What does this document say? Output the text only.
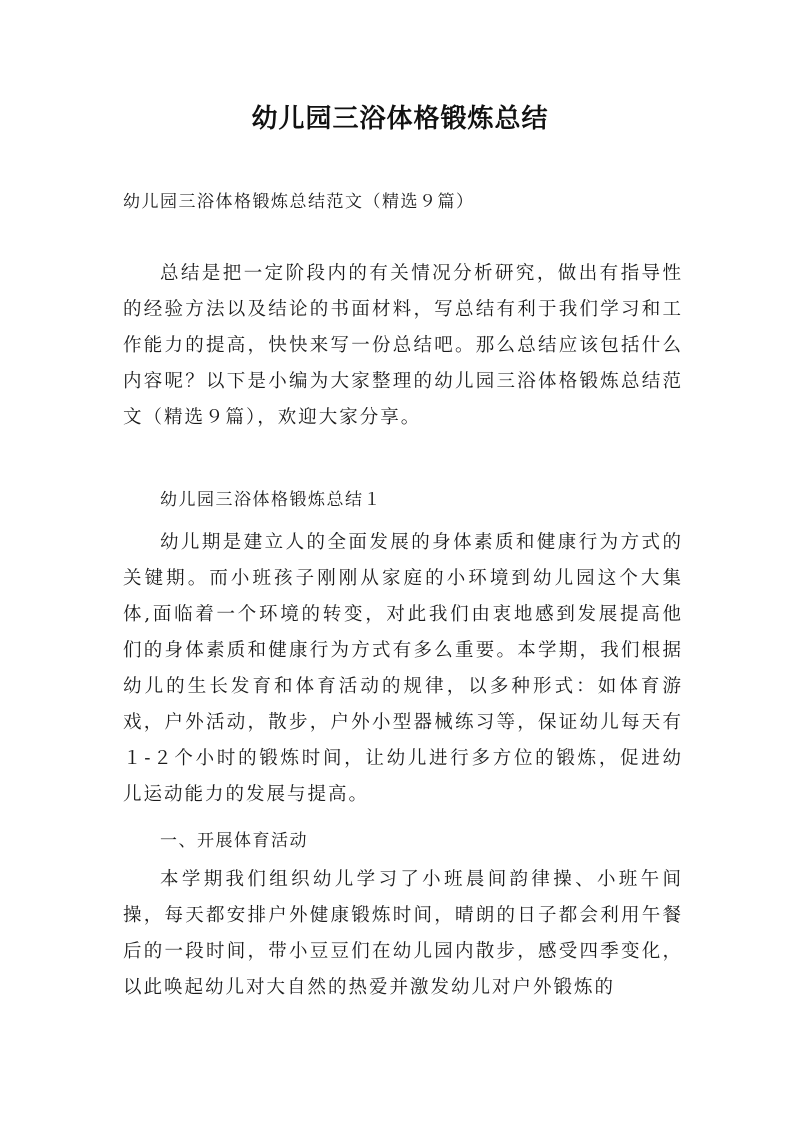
幼儿园三浴体格锻炼总结
幼儿园三浴体格锻炼总结范文（精选９篇）

总结是把一定阶段内的有关情况分析研究，做出有指导性的经验方法以及结论的书面材料，写总结有利于我们学习和工作能力的提高，快快来写一份总结吧。那么总结应该包括什么内容呢？以下是小编为大家整理的幼儿园三浴体格锻炼总结范文（精选９篇），欢迎大家分享。

幼儿园三浴体格锻炼总结１

幼儿期是建立人的全面发展的身体素质和健康行为方式的关键期。而小班孩子刚刚从家庭的小环境到幼儿园这个大集体,面临着一个环境的转变，对此我们由衷地感到发展提高他们的身体素质和健康行为方式有多么重要。本学期，我们根据幼儿的生长发育和体育活动的规律，以多种形式：如体育游戏，户外活动，散步，户外小型器械练习等，保证幼儿每天有１-２个小时的锻炼时间，让幼儿进行多方位的锻炼，促进幼儿运动能力的发展与提高。

一、开展体育活动

本学期我们组织幼儿学习了小班晨间韵律操、小班午间操，每天都安排户外健康锻炼时间，晴朗的日子都会利用午餐后的一段时间，带小豆豆们在幼儿园内散步，感受四季变化，以此唤起幼儿对大自然的热爱并激发幼儿对户外锻炼的
